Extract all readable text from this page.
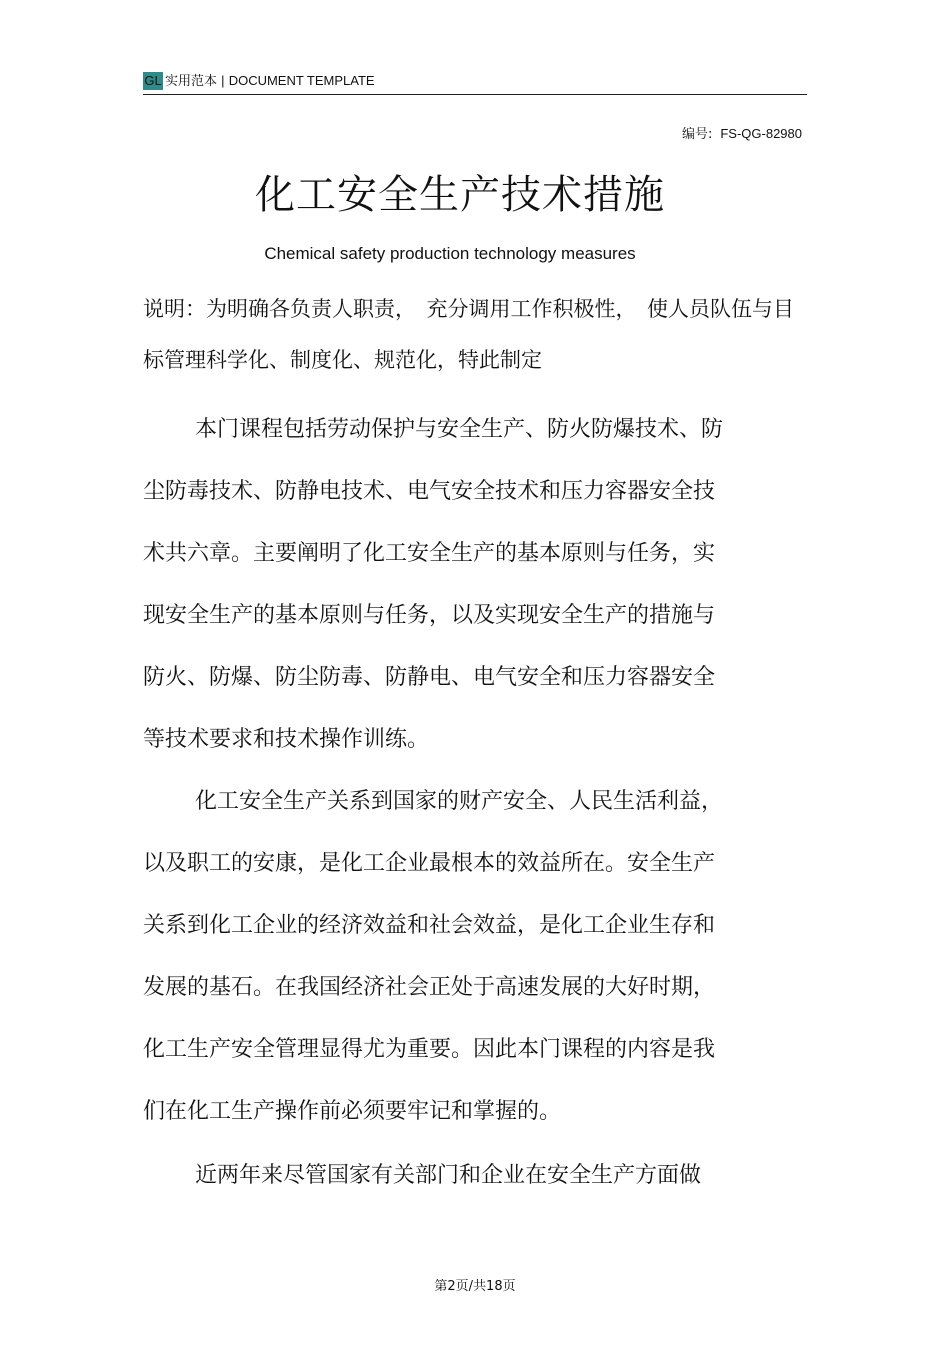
GL 实用范本 | DOCUMENT TEMPLATE
编号: FS-QG-82980
化工安全生产技术措施
Chemical safety production technology measures
说明：为明确各负责人职责，　充分调用工作积极性，　使人员队伍与目
标管理科学化、制度化、规范化，特此制定
本门课程包括劳动保护与安全生产、防火防爆技术、防
尘防毒技术、防静电技术、电气安全技术和压力容器安全技
术共六章。主要阐明了化工安全生产的基本原则与任务，实
现安全生产的基本原则与任务，以及实现安全生产的措施与
防火、防爆、防尘防毒、防静电、电气安全和压力容器安全
等技术要求和技术操作训练。
化工安全生产关系到国家的财产安全、人民生活利益，
以及职工的安康，是化工企业最根本的效益所在。安全生产
关系到化工企业的经济效益和社会效益，是化工企业生存和
发展的基石。在我国经济社会正处于高速发展的大好时期，
化工生产安全管理显得尤为重要。因此本门课程的内容是我
们在化工生产操作前必须要牢记和掌握的。
近两年来尽管国家有关部门和企业在安全生产方面做
第2页/共18页
